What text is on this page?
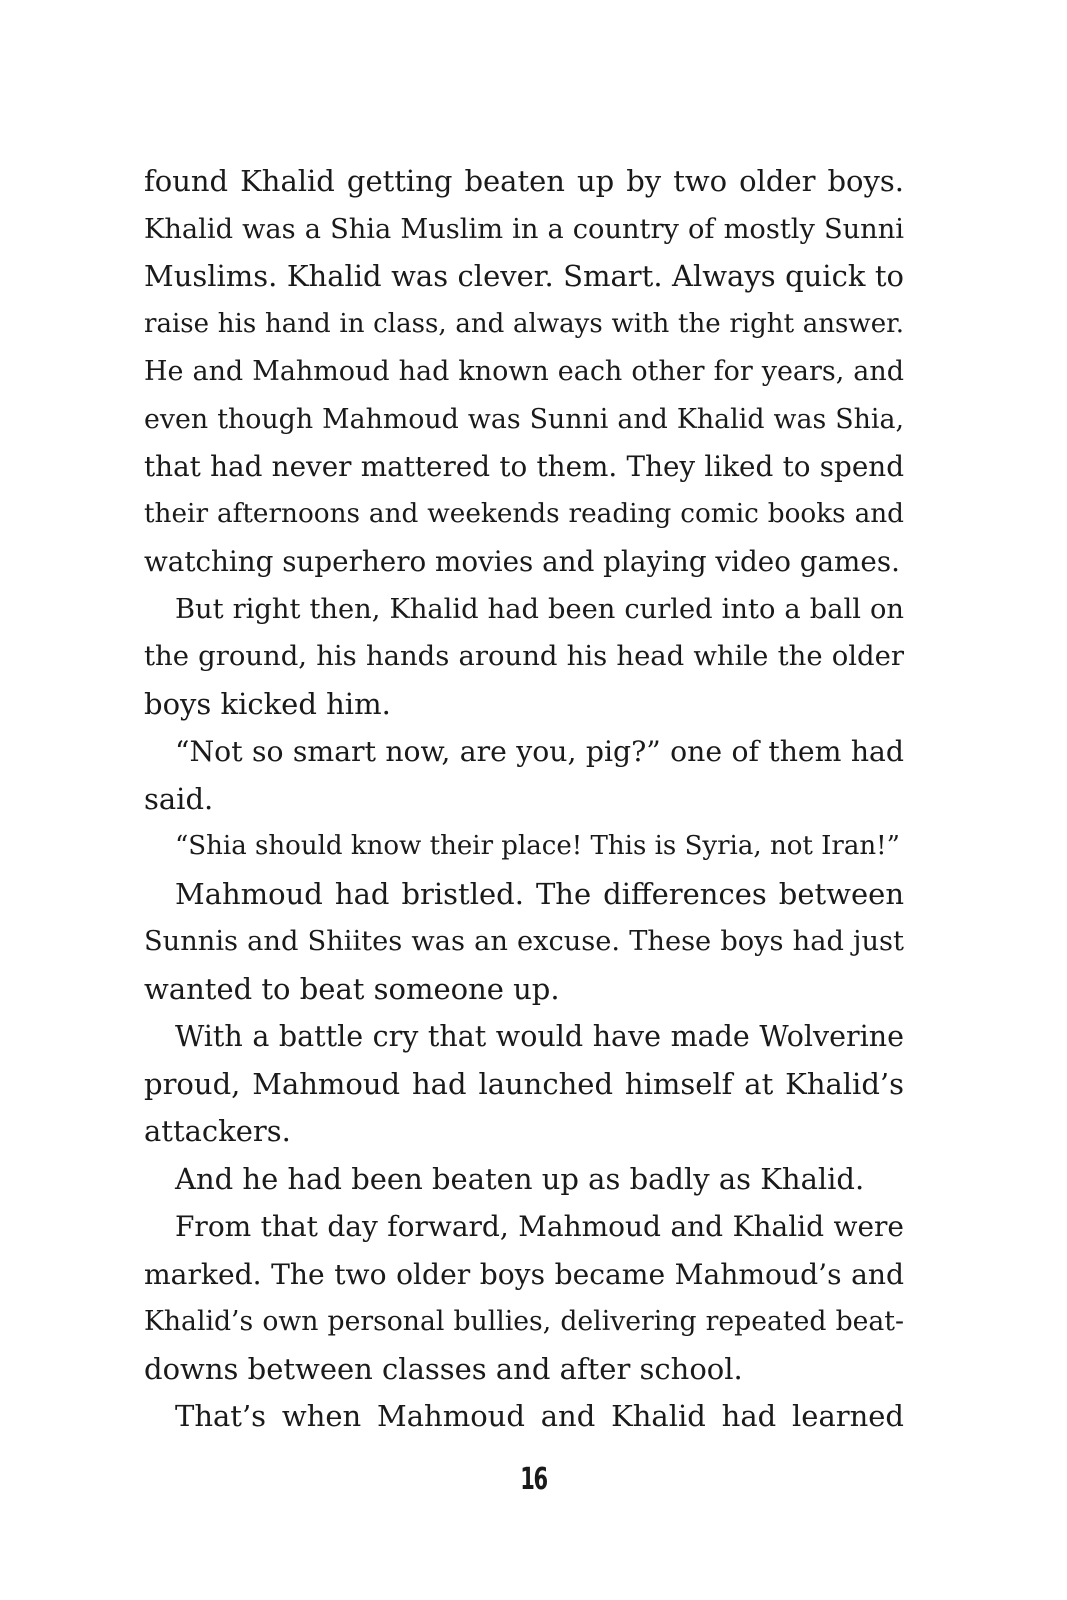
found Khalid getting beaten up by two older boys.
Khalid was a Shia Muslim in a country of mostly Sunni
Muslims. Khalid was clever. Smart. Always quick to
raise his hand in class, and always with the right answer.
He and Mahmoud had known each other for years, and
even though Mahmoud was Sunni and Khalid was Shia,
that had never mattered to them. They liked to spend
their afternoons and weekends reading comic books and
watching superhero movies and playing video games.
But right then, Khalid had been curled into a ball on
the ground, his hands around his head while the older
boys kicked him.
“Not so smart now, are you, pig?” one of them had
said.
“Shia should know their place! This is Syria, not Iran!”
Mahmoud had bristled. The differences between
Sunnis and Shiites was an excuse. These boys had just
wanted to beat someone up.
With a battle cry that would have made Wolverine
proud, Mahmoud had launched himself at Khalid’s
attackers.
And he had been beaten up as badly as Khalid.
From that day forward, Mahmoud and Khalid were
marked. The two older boys became Mahmoud’s and
Khalid’s own personal bullies, delivering repeated beat-
downs between classes and after school.
That’s when Mahmoud and Khalid had learned
16
